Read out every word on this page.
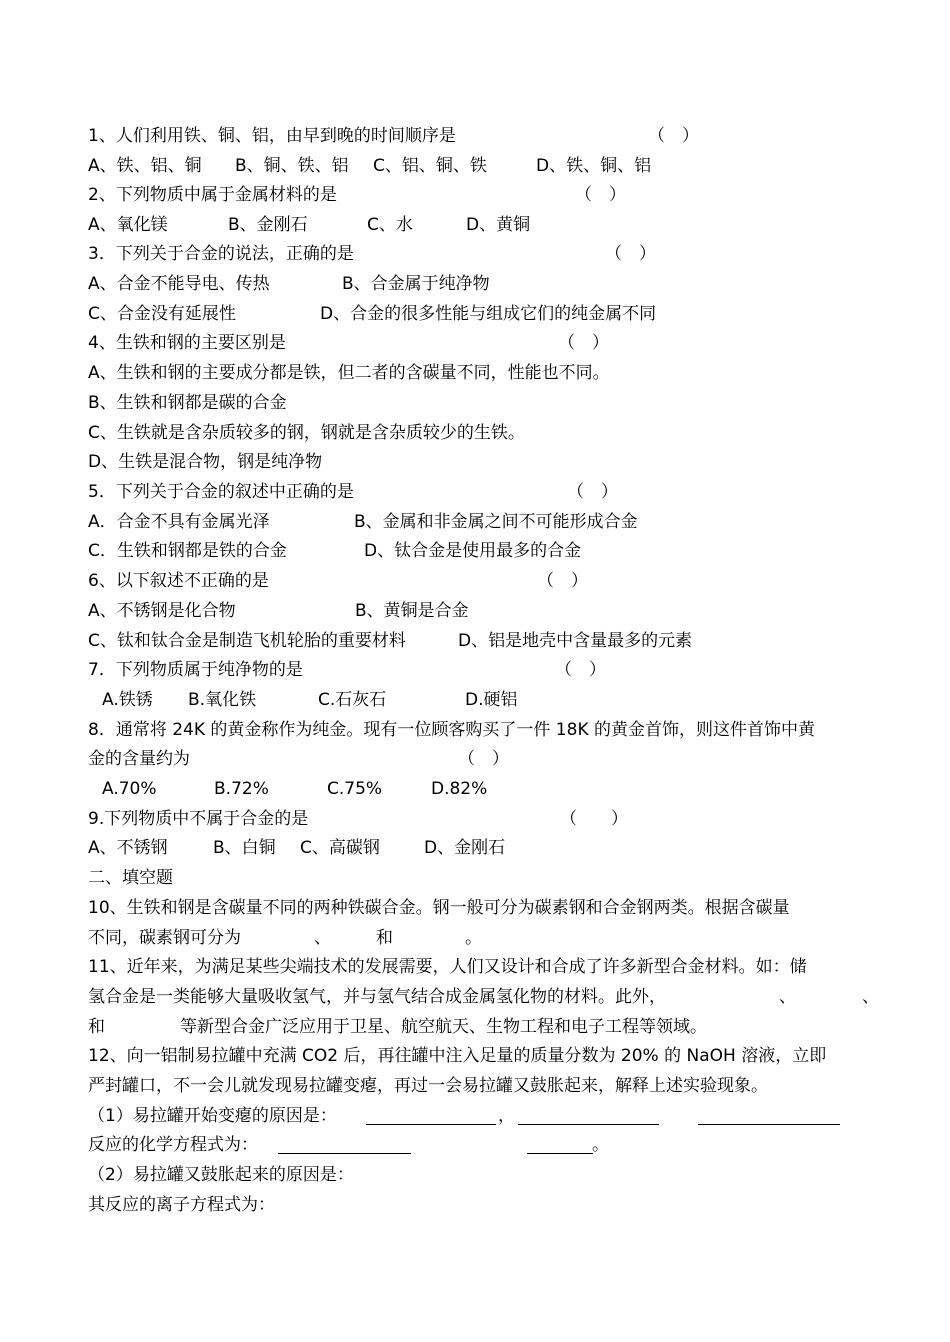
1、人们利用铁、铜、铝，由早到晚的时间顺序是	（　）
A、铁、铝、铜 B、铜、铁、铝 C、铝、铜、铁	D、铁、铜、铝
2、下列物质中属于金属材料的是	（　）
A、氧化镁	B、金刚石	C、水	D、黄铜
3．下列关于合金的说法，正确的是	（　）
A、合金不能导电、传热	B、合金属于纯净物
C、合金没有延展性	D、合金的很多性能与组成它们的纯金属不同
4、生铁和钢的主要区别是	（　）
A、生铁和钢的主要成分都是铁，但二者的含碳量不同，性能也不同。
B、生铁和钢都是碳的合金
C、生铁就是含杂质较多的钢，钢就是含杂质较少的生铁。
D、生铁是混合物，钢是纯净物
5．下列关于合金的叙述中正确的是	（　）
A．合金不具有金属光泽	B、金属和非金属之间不可能形成合金
C．生铁和钢都是铁的合金	D、钛合金是使用最多的合金
6、以下叙述不正确的是	（　）
A、不锈钢是化合物	B、黄铜是合金
C、钛和钛合金是制造飞机轮胎的重要材料	D、铝是地壳中含量最多的元素
7．下列物质属于纯净物的是	（　）
A.铁锈 B.氧化铁	C.石灰石	D.硬铝
8．通常将 24K 的黄金称作为纯金。现有一位顾客购买了一件 18K 的黄金首饰，则这件首饰中黄
金的含量约为	（　）
A.70%	B.72%	C.75%	D.82%
9.下列物质中不属于合金的是	（　　）
A、不锈钢	B、白铜 C、高碳钢	D、金刚石
二、填空题
10、生铁和钢是含碳量不同的两种铁碳合金。钢一般可分为碳素钢和合金钢两类。根据含碳量
不同，碳素钢可分为	、	和	。
11、近年来，为满足某些尖端技术的发展需要，人们又设计和合成了许多新型合金材料。如：储
氢合金是一类能够大量吸收氢气，并与氢气结合成金属氢化物的材料。此外，	、	、
和	等新型合金广泛应用于卫星、航空航天、生物工程和电子工程等领域。
12、向一铝制易拉罐中充满 CO2 后，再往罐中注入足量的质量分数为 20% 的 NaOH 溶液，立即
严封罐口，不一会儿就发现易拉罐变瘪，再过一会易拉罐又鼓胀起来，解释上述实验现象。
（1）易拉罐开始变瘪的原因是：	，
反应的化学方程式为：	。
（2）易拉罐又鼓胀起来的原因是：
其反应的离子方程式为：
